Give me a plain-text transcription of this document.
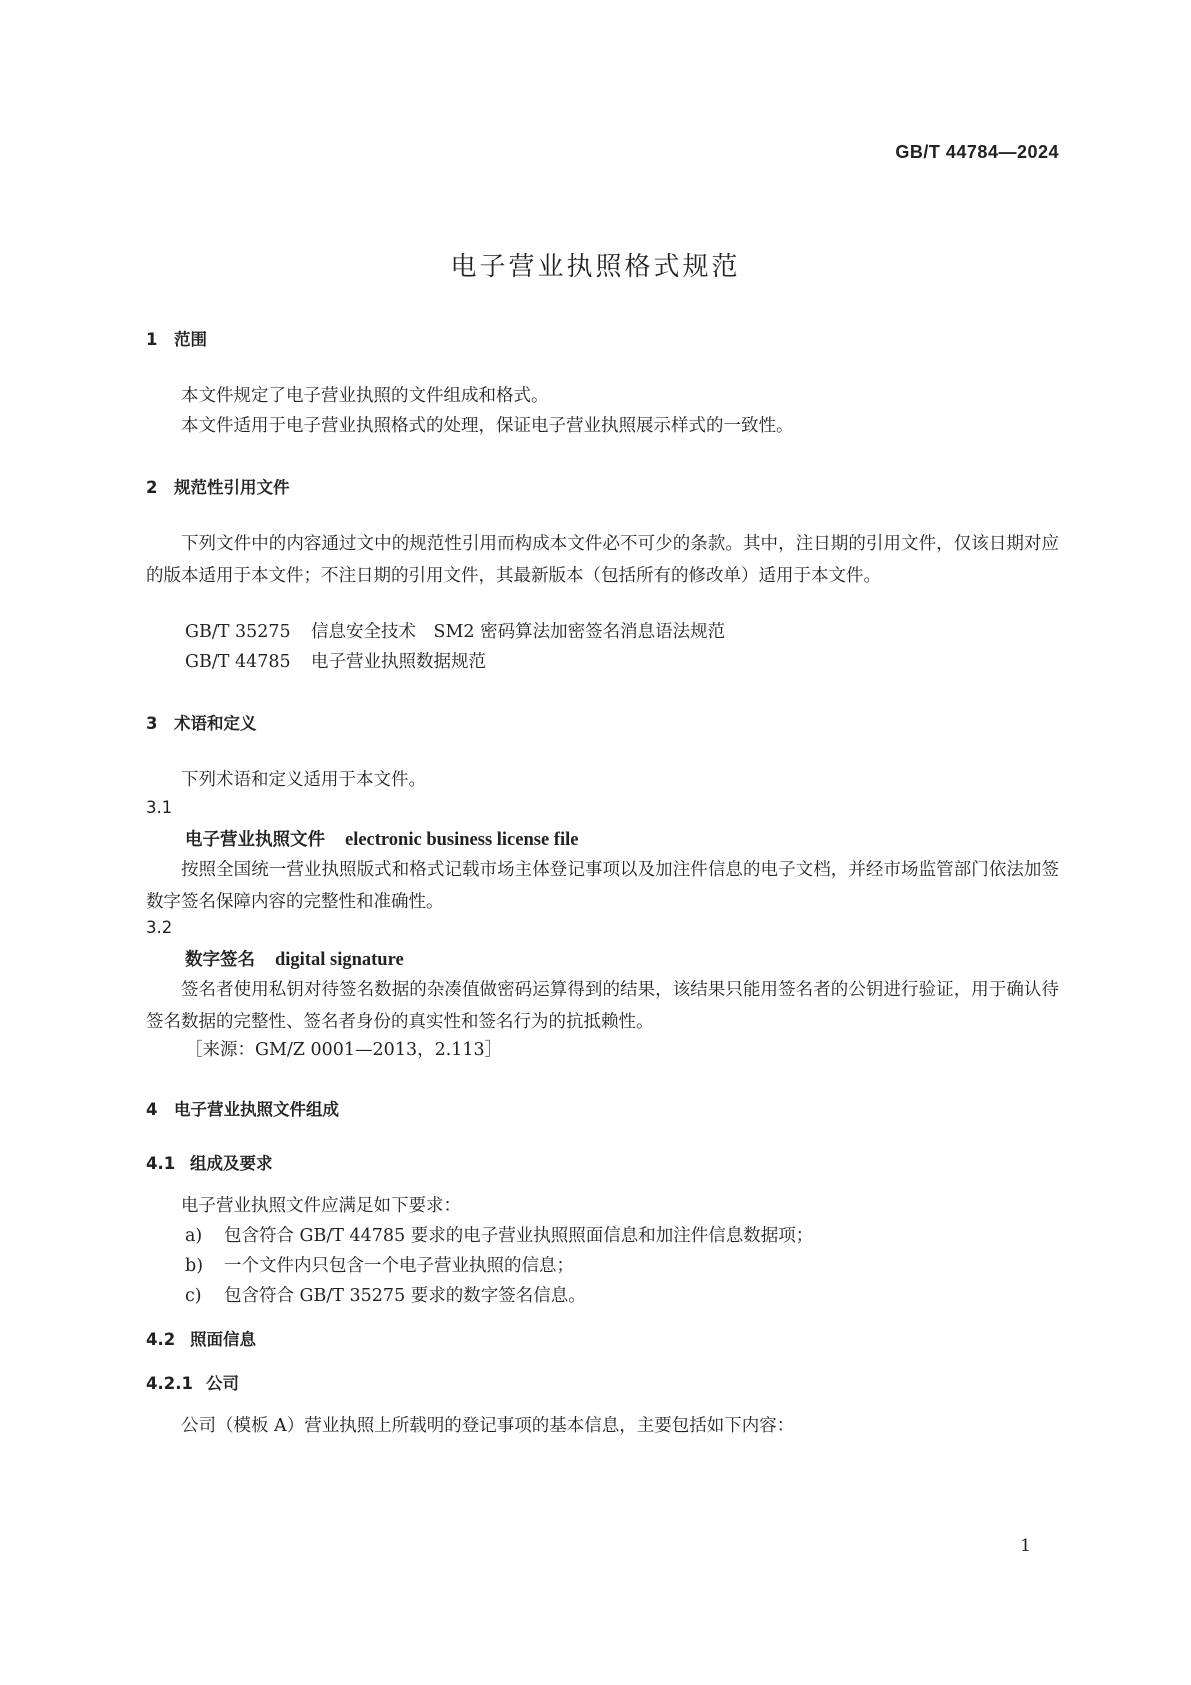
GB/T 44784—2024
电子营业执照格式规范
1 范围
本文件规定了电子营业执照的文件组成和格式。
本文件适用于电子营业执照格式的处理，保证电子营业执照展示样式的一致性。
2 规范性引用文件
下列文件中的内容通过文中的规范性引用而构成本文件必不可少的条款。其中，注日期的引用文件，仅该日期对应的版本适用于本文件；不注日期的引用文件，其最新版本（包括所有的修改单）适用于本文件。
GB/T 35275 信息安全技术　SM2 密码算法加密签名消息语法规范
GB/T 44785 电子营业执照数据规范
3 术语和定义
下列术语和定义适用于本文件。
3.1
电子营业执照文件 electronic business license file
按照全国统一营业执照版式和格式记载市场主体登记事项以及加注件信息的电子文档，并经市场监管部门依法加签数字签名保障内容的完整性和准确性。
3.2
数字签名 digital signature
签名者使用私钥对待签名数据的杂凑值做密码运算得到的结果，该结果只能用签名者的公钥进行验证，用于确认待签名数据的完整性、签名者身份的真实性和签名行为的抗抵赖性。
［来源：GM/Z 0001—2013，2.113］
4 电子营业执照文件组成
4.1 组成及要求
电子营业执照文件应满足如下要求：
a) 包含符合 GB/T 44785 要求的电子营业执照照面信息和加注件信息数据项；
b) 一个文件内只包含一个电子营业执照的信息；
c) 包含符合 GB/T 35275 要求的数字签名信息。
4.2 照面信息
4.2.1 公司
公司（模板 A）营业执照上所载明的登记事项的基本信息，主要包括如下内容：
1
